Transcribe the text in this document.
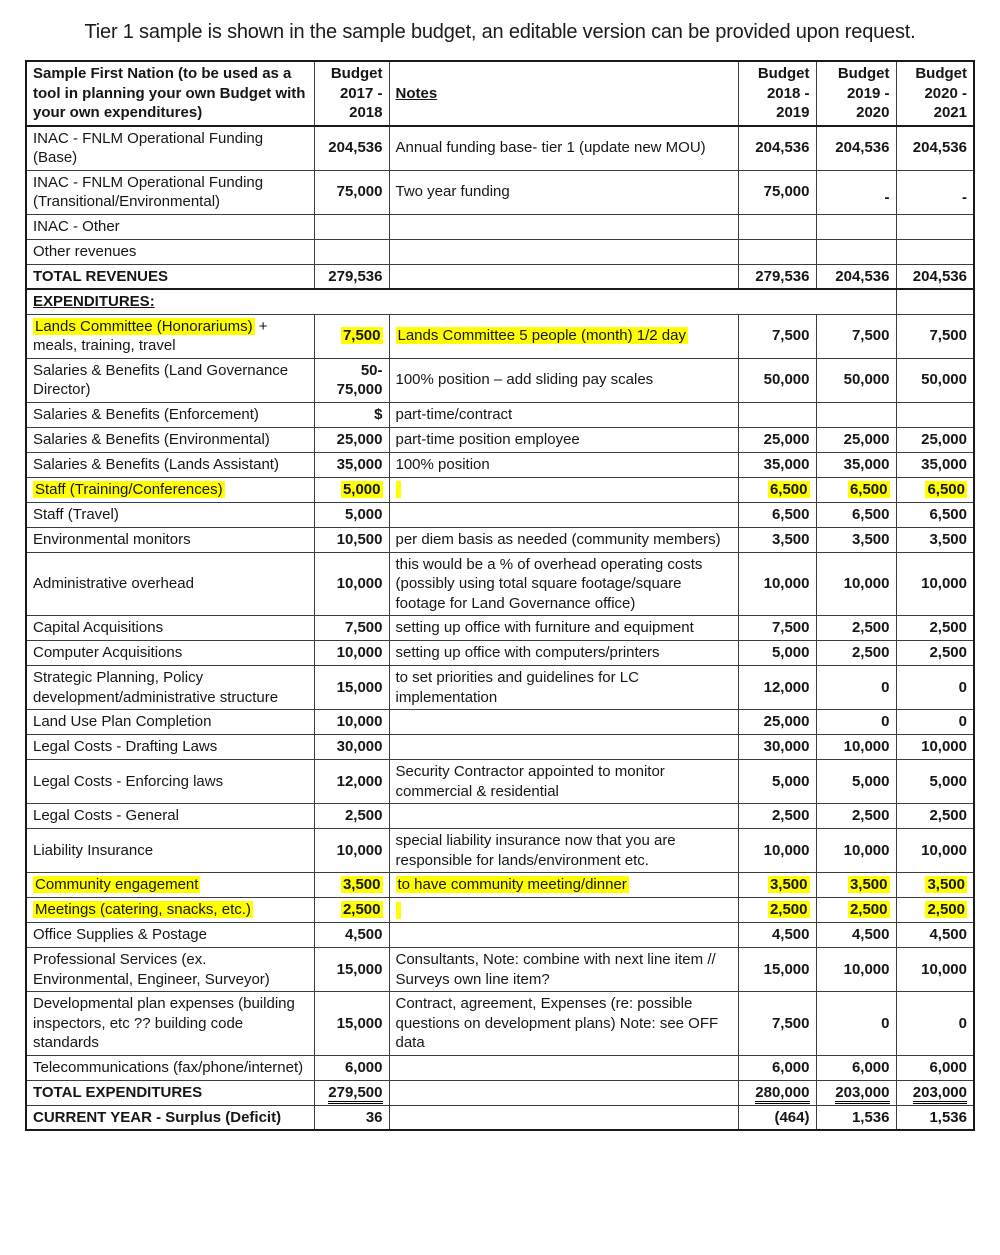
Tier 1 sample is shown in the sample budget, an editable version can be provided upon request.
Sample First Nation (to be used as a tool in planning your own Budget with your own expenditures)	Budget 2017 - 2018	Notes	Budget 2018 - 2019	Budget 2019 - 2020	Budget 2020 - 2021
INAC - FNLM Operational Funding (Base)	204,536	Annual funding base- tier 1 (update new MOU)	204,536	204,536	204,536
INAC - FNLM Operational Funding (Transitional/Environmental)	75,000	Two year funding	75,000	-	-
INAC - Other					
Other revenues					
TOTAL REVENUES	279,536		279,536	204,536	204,536
EXPENDITURES:					
Lands Committee (Honorariums) + meals, training, travel	7,500	Lands Committee 5 people (month) 1/2 day	7,500	7,500	7,500
Salaries & Benefits (Land Governance Director)	50-75,000	100% position – add sliding pay scales	50,000	50,000	50,000
Salaries & Benefits (Enforcement)	$	part-time/contract			
Salaries & Benefits (Environmental)	25,000	part-time position employee	25,000	25,000	25,000
Salaries & Benefits (Lands Assistant)	35,000	100% position	35,000	35,000	35,000
Staff (Training/Conferences)	5,000		6,500	6,500	6,500
Staff (Travel)	5,000		6,500	6,500	6,500
Environmental monitors	10,500	per diem basis as needed (community members)	3,500	3,500	3,500
Administrative overhead	10,000	this would be a % of overhead operating costs (possibly using total square footage/square footage for Land Governance office)	10,000	10,000	10,000
Capital Acquisitions	7,500	setting up office with furniture and equipment	7,500	2,500	2,500
Computer Acquisitions	10,000	setting up office with computers/printers	5,000	2,500	2,500
Strategic Planning, Policy development/administrative structure	15,000	to set priorities and guidelines for LC implementation	12,000	0	0
Land Use Plan Completion	10,000		25,000	0	0
Legal Costs - Drafting Laws	30,000		30,000	10,000	10,000
Legal Costs - Enforcing laws	12,000	Security Contractor appointed to monitor commercial & residential	5,000	5,000	5,000
Legal Costs - General	2,500		2,500	2,500	2,500
Liability Insurance	10,000	special liability insurance now that you are responsible for lands/environment etc.	10,000	10,000	10,000
Community engagement	3,500	to have community meeting/dinner	3,500	3,500	3,500
Meetings (catering, snacks, etc.)	2,500		2,500	2,500	2,500
Office Supplies & Postage	4,500		4,500	4,500	4,500
Professional Services (ex. Environmental, Engineer, Surveyor)	15,000	Consultants, Note: combine with next line item // Surveys own line item?	15,000	10,000	10,000
Developmental plan expenses (building inspectors, etc ?? building code standards	15,000	Contract, agreement, Expenses (re: possible questions on development plans) Note: see OFF data	7,500	0	0
Telecommunications (fax/phone/internet)	6,000		6,000	6,000	6,000
TOTAL EXPENDITURES	279,500		280,000	203,000	203,000
CURRENT YEAR - Surplus (Deficit)	36		(464)	1,536	1,536
